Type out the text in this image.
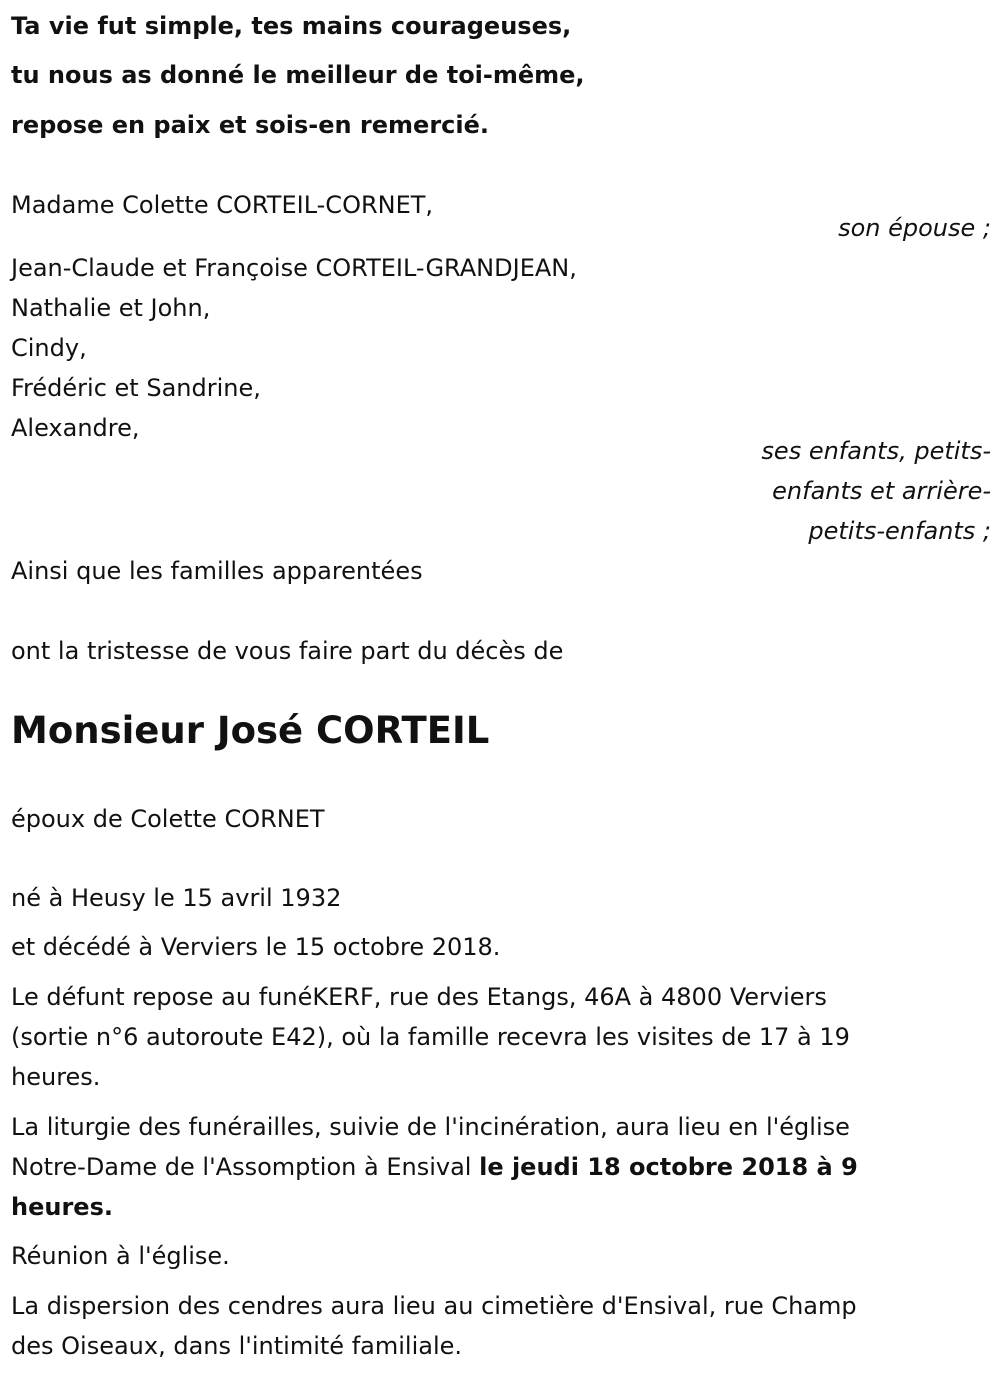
Ta vie fut simple, tes mains courageuses,
tu nous as donné le meilleur de toi-même,
repose en paix et sois-en remercié.
Madame Colette CORTEIL-CORNET,
son épouse ;
Jean-Claude et Françoise CORTEIL-GRANDJEAN,
Nathalie et John,
Cindy,
Frédéric et Sandrine,
Alexandre,
ses enfants, petits-
enfants et arrière-
petits-enfants ;
Ainsi que les familles apparentées
ont la tristesse de vous faire part du décès de
Monsieur José CORTEIL
époux de Colette CORNET
né à Heusy le 15 avril 1932
et décédé à Verviers le 15 octobre 2018.
Le défunt repose au funéKERF, rue des Etangs, 46A à 4800 Verviers
(sortie n°6 autoroute E42), où la famille recevra les visites de 17 à 19
heures.
La liturgie des funérailles, suivie de l'incinération, aura lieu en l'église
Notre-Dame de l'Assomption à Ensival le jeudi 18 octobre 2018 à 9
heures.
Réunion à l'église.
La dispersion des cendres aura lieu au cimetière d'Ensival, rue Champ
des Oiseaux, dans l'intimité familiale.
